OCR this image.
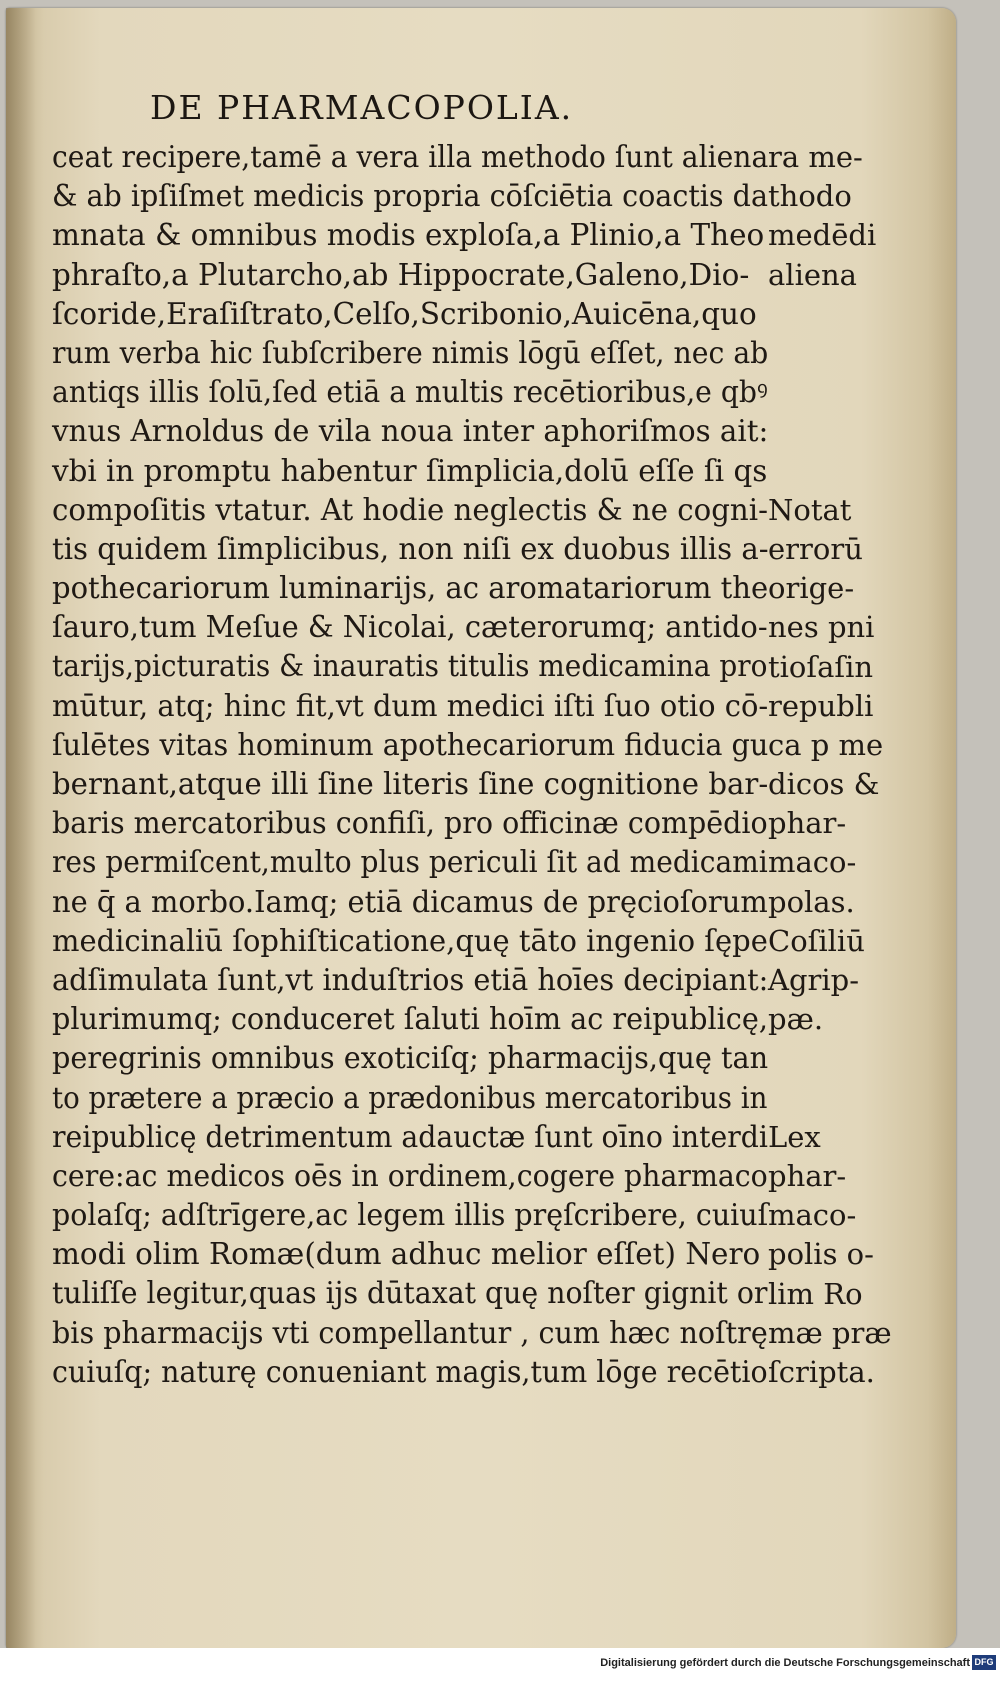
DE PHARMACOPOLIA.
ceat recipere,tamē a vera illa methodo ſunt aliena
& ab ipſiſmet medicis propria cōſciētia coactis da
mnata & omnibus modis exploſa,a Plinio,a Theo
phraſto,a Plutarcho,ab Hippocrate,Galeno,Dio-
ſcoride,Eraſiſtrato,Celſo,Scribonio,Auicēna,quo
rum verba hic ſubſcribere nimis lōgū eſſet, nec ab
antiqs illis ſolū,ſed etiā a multis recētioribus,e qbꝰ
vnus Arnoldus de vila noua inter aphoriſmos ait:
vbi in promptu habentur ſimplicia,dolū eſſe ſi qs
compoſitis vtatur. At hodie neglectis & ne cogni-
tis quidem ſimplicibus, non niſi ex duobus illis a-
pothecariorum luminarijs, ac aromatariorum the
ſauro,tum Meſue & Nicolai, cæterorumq; antido-
tarijs,picturatis & inauratis titulis medicamina pro
mūtur, atq; hinc fit,vt dum medici iſti ſuo otio cō-
ſulētes vitas hominum apothecariorum fiducia gu
bernant,atque illi ſine literis ſine cognitione bar-
baris mercatoribus confiſi, pro officinæ compēdio
res permiſcent,multo plus periculi ſit ad medicami
ne q̄ a morbo.Iamq; etiā dicamus de pręcioſorum
medicinaliū ſophiſticatione,quę tāto ingenio ſępe
adſimulata ſunt,vt induſtrios etiā hoīes decipiant:
plurimumq; conduceret ſaluti hoīm ac reipublicę,
peregrinis omnibus exoticiſq; pharmacijs,quę tan
to prætere a præcio a prædonibus mercatoribus in
reipublicę detrimentum adauctæ ſunt oīno interdi
cere:ac medicos oēs in ordinem,cogere pharmaco
polaſq; adſtrīgere,ac legem illis pręſcribere, cuiuſ
modi olim Romæ(dum adhuc melior eſſet) Nero
tuliſſe legitur,quas ijs dūtaxat quę noſter gignit or
bis pharmacijs vti compellantur , cum hæc noſtrę
cuiuſq; naturę conueniant magis,tum lōge recētio
ra me-
thodo
medēdi
aliena
Notat
errorū
orige-
nes pni
tioſaſin
republi
ca p me
dicos &
phar-
maco-
polas.
Coſiliū
Agrip-
pæ.
Lex
phar-
maco-
polis o-
lim Ro
mæ præ
ſcripta.
Digitalisierung gefördert durch die Deutsche Forschungsgemeinschaft DFG
